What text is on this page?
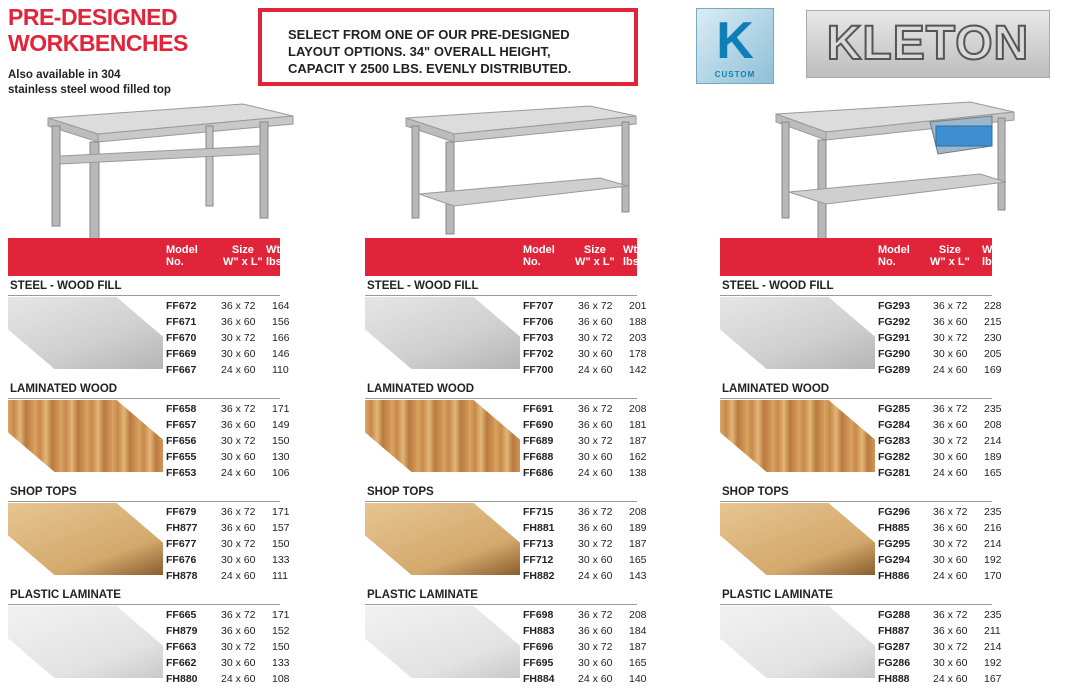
PRE-DESIGNED
WORKBENCHES
Also available in 304
stainless steel wood filled top
SELECT FROM ONE OF OUR PRE-DESIGNED
LAYOUT OPTIONS. 34" OVERALL HEIGHT,
CAPACIT Y 2500 LBS. EVENLY DISTRIBUTED.	K
CUSTOM
KLETON
Model
No.
Size
W" x L"
Wt.
lbs.
STEEL - WOOD FILL
FF672 36 x 72 164
FF671 36 x 60 156
FF670 30 x 72 166
FF669 30 x 60 146
FF667 24 x 60 110
LAMINATED WOOD
FF658 36 x 72 171
FF657 36 x 60 149
FF656 30 x 72 150
FF655 30 x 60 130
FF653 24 x 60 106
SHOP TOPS
FF679 36 x 72 171
FH877 36 x 60 157
FF677 30 x 72 150
FF676 30 x 60 133
FH878 24 x 60 111
PLASTIC LAMINATE
FF665 36 x 72 171
FH879 36 x 60 152
FF663 30 x 72 150
FF662 30 x 60 133
FH880 24 x 60 108
Model
No.
Size
W" x L"
Wt.
lbs.
STEEL - WOOD FILL
FF707 36 x 72 201
FF706 36 x 60 188
FF703 30 x 72 203
FF702 30 x 60 178
FF700 24 x 60 142
LAMINATED WOOD
FF691 36 x 72 208
FF690 36 x 60 181
FF689 30 x 72 187
FF688 30 x 60 162
FF686 24 x 60 138
SHOP TOPS
FF715 36 x 72 208
FH881 36 x 60 189
FF713 30 x 72 187
FF712 30 x 60 165
FH882 24 x 60 143
PLASTIC LAMINATE
FF698 36 x 72 208
FH883 36 x 60 184
FF696 30 x 72 187
FF695 30 x 60 165
FH884 24 x 60 140
Model
No.
Size
W" x L"
Wt.
lbs.
STEEL - WOOD FILL
FG293 36 x 72 228
FG292 36 x 60 215
FG291 30 x 72 230
FG290 30 x 60 205
FG289 24 x 60 169
LAMINATED WOOD
FG285 36 x 72 235
FG284 36 x 60 208
FG283 30 x 72 214
FG282 30 x 60 189
FG281 24 x 60 165
SHOP TOPS
FG296 36 x 72 235
FH885 36 x 60 216
FG295 30 x 72 214
FG294 30 x 60 192
FH886 24 x 60 170
PLASTIC LAMINATE
FG288 36 x 72 235
FH887 36 x 60 211
FG287 30 x 72 214
FG286 30 x 60 192
FH888 24 x 60 167
